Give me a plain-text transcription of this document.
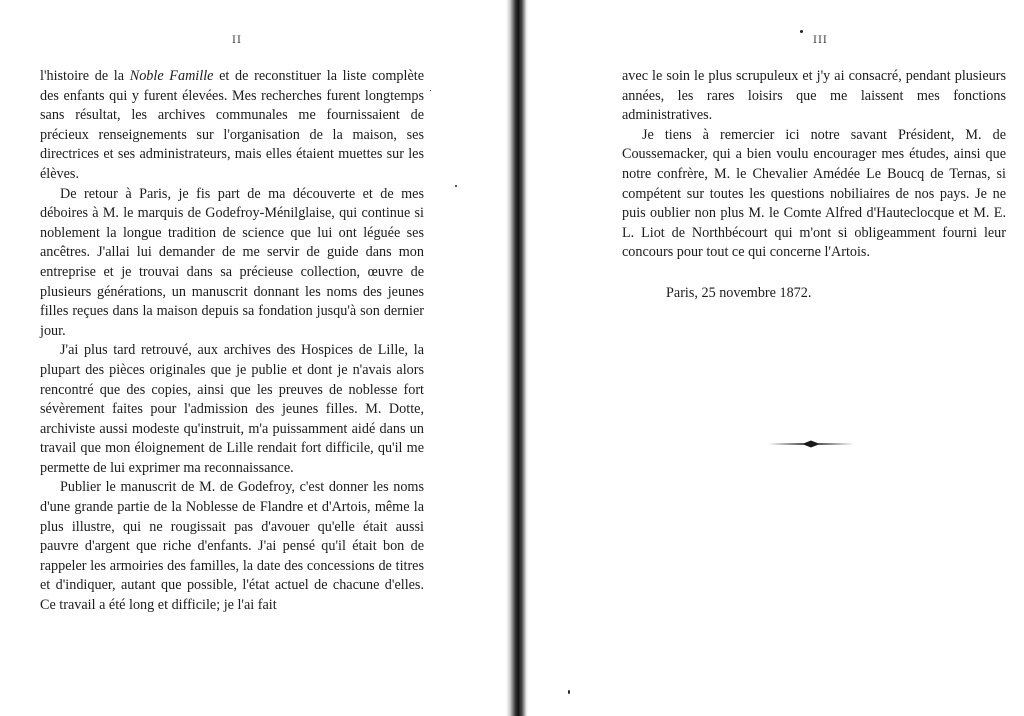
II

l'histoire de la Noble Famille et de reconstituer la liste complète des enfants qui y furent élevées. Mes recherches furent longtemps sans résultat, les archives communales me fournissaient de précieux renseignements sur l'organisation de la maison, ses directrices et ses administrateurs, mais elles étaient muettes sur les élèves.

De retour à Paris, je fis part de ma découverte et de mes déboires à M. le marquis de Godefroy-Ménilglaise, qui continue si noblement la longue tradition de science que lui ont léguée ses ancêtres. J'allai lui demander de me servir de guide dans mon entreprise et je trouvai dans sa précieuse collection, œuvre de plusieurs générations, un manuscrit donnant les noms des jeunes filles reçues dans la maison depuis sa fondation jusqu'à son dernier jour.

J'ai plus tard retrouvé, aux archives des Hospices de Lille, la plupart des pièces originales que je publie et dont je n'avais alors rencontré que des copies, ainsi que les preuves de noblesse fort sévèrement faites pour l'admission des jeunes filles. M. Dotte, archiviste aussi modeste qu'instruit, m'a puissamment aidé dans un travail que mon éloignement de Lille rendait fort difficile, qu'il me permette de lui exprimer ma reconnaissance.

Publier le manuscrit de M. de Godefroy, c'est donner les noms d'une grande partie de la Noblesse de Flandre et d'Artois, même la plus illustre, qui ne rougissait pas d'avouer qu'elle était aussi pauvre d'argent que riche d'enfants. J'ai pensé qu'il était bon de rappeler les armoiries des familles, la date des concessions de titres et d'indiquer, autant que possible, l'état actuel de chacune d'elles. Ce travail a été long et difficile; je l'ai fait

III

avec le soin le plus scrupuleux et j'y ai consacré, pendant plusieurs années, les rares loisirs que me laissent mes fonctions administratives.

Je tiens à remercier ici notre savant Président, M. de Coussemacker, qui a bien voulu encourager mes études, ainsi que notre confrère, M. le Chevalier Amédée Le Boucq de Ternas, si compétent sur toutes les questions nobiliaires de nos pays. Je ne puis oublier non plus M. le Comte Alfred d'Hauteclocque et M. E. L. Liot de Northbécourt qui m'ont si obligeamment fourni leur concours pour tout ce qui concerne l'Artois.

Paris, 25 novembre 1872.
